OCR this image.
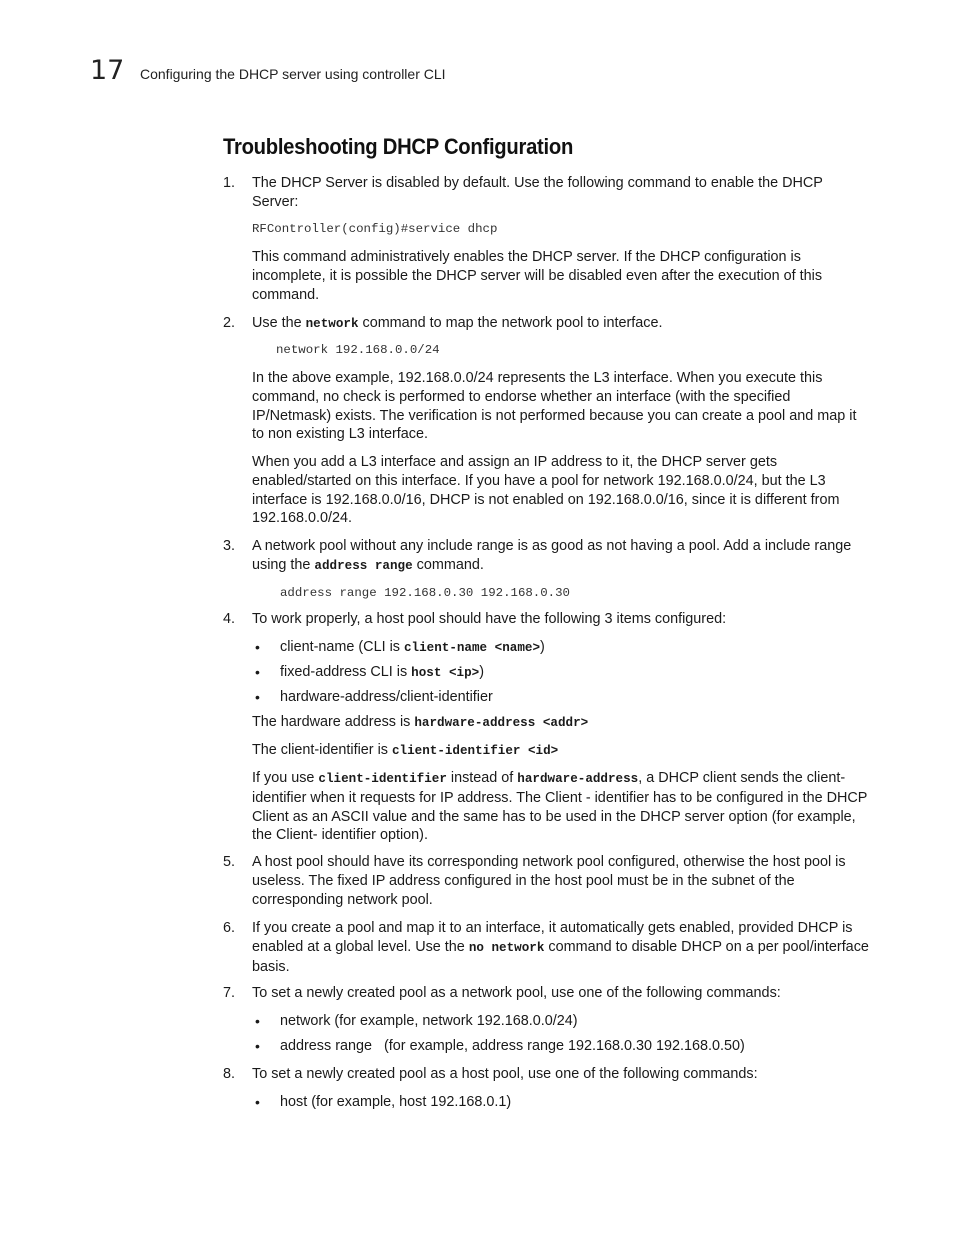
17 Configuring the DHCP server using controller CLI
Troubleshooting DHCP Configuration
1. The DHCP Server is disabled by default. Use the following command to enable the DHCP Server:
RFController(config)#service dhcp
This command administratively enables the DHCP server. If the DHCP configuration is incomplete, it is possible the DHCP server will be disabled even after the execution of this command.
2. Use the network command to map the network pool to interface.
network 192.168.0.0/24
In the above example, 192.168.0.0/24 represents the L3 interface. When you execute this command, no check is performed to endorse whether an interface (with the specified IP/Netmask) exists. The verification is not performed because you can create a pool and map it to non existing L3 interface.
When you add a L3 interface and assign an IP address to it, the DHCP server gets enabled/started on this interface. If you have a pool for network 192.168.0.0/24, but the L3 interface is 192.168.0.0/16, DHCP is not enabled on 192.168.0.0/16, since it is different from 192.168.0.0/24.
3. A network pool without any include range is as good as not having a pool. Add a include range using the address range command.
address range 192.168.0.30 192.168.0.30
4. To work properly, a host pool should have the following 3 items configured:
• client-name (CLI is client-name <name>)
• fixed-address CLI is host <ip>)
• hardware-address/client-identifier
The hardware address is hardware-address <addr>
The client-identifier is client-identifier <id>
If you use client-identifier instead of hardware-address, a DHCP client sends the client-identifier when it requests for IP address. The Client - identifier has to be configured in the DHCP Client as an ASCII value and the same has to be used in the DHCP server option (for example, the Client- identifier option).
5. A host pool should have its corresponding network pool configured, otherwise the host pool is useless. The fixed IP address configured in the host pool must be in the subnet of the corresponding network pool.
6. If you create a pool and map it to an interface, it automatically gets enabled, provided DHCP is enabled at a global level. Use the no network command to disable DHCP on a per pool/interface basis.
7. To set a newly created pool as a network pool, use one of the following commands:
• network (for example, network 192.168.0.0/24)
• address range   (for example, address range 192.168.0.30 192.168.0.50)
8. To set a newly created pool as a host pool, use one of the following commands:
• host (for example, host 192.168.0.1)
